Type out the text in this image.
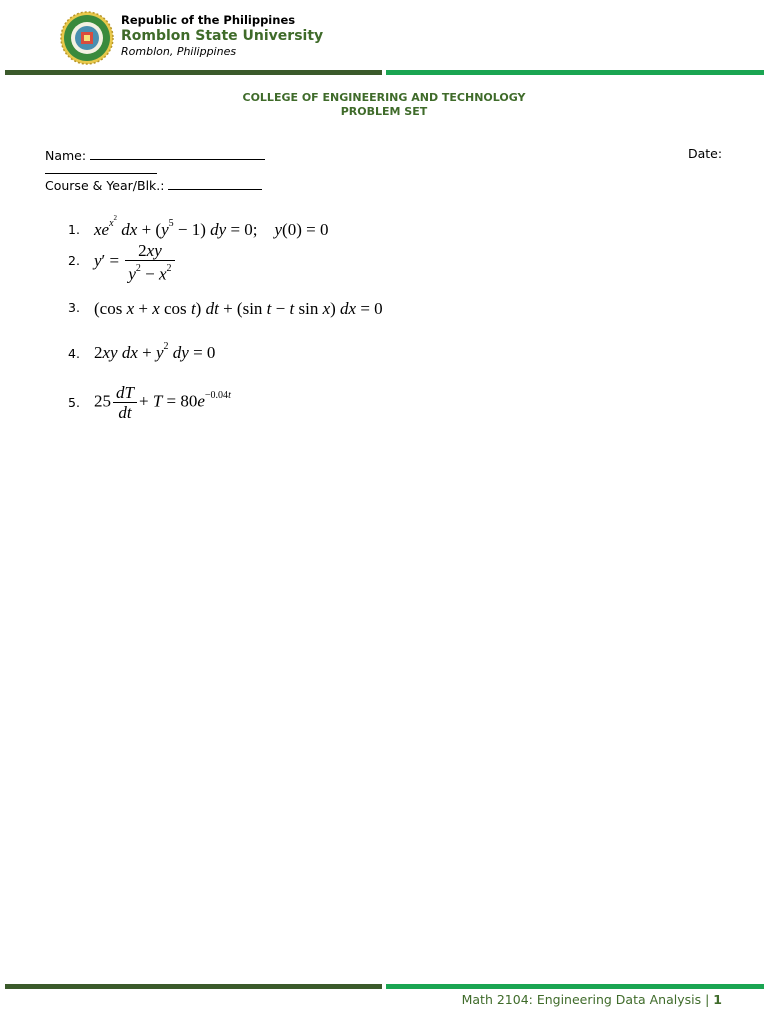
Republic of the Philippines
Romblon State University
Romblon, Philippines
COLLEGE OF ENGINEERING AND TECHNOLOGY
PROBLEM SET
Name:	Date:
Course & Year/Blk.:
1. $xe^{x^2}$ dx + $(y^5 - 1)$ dy = 0;    y(0) = 0
2. $y' = \frac{2xy}{y^2 - x^2}$
3. (cos x + x cos t) dt + (sin t − t sin x) dx = 0
4. 2xy dx + $y^2$ dy = 0
5. $25 \frac{dT}{dt} + T = 80e^{-0.04t}$
Math 2104: Engineering Data Analysis | 1
